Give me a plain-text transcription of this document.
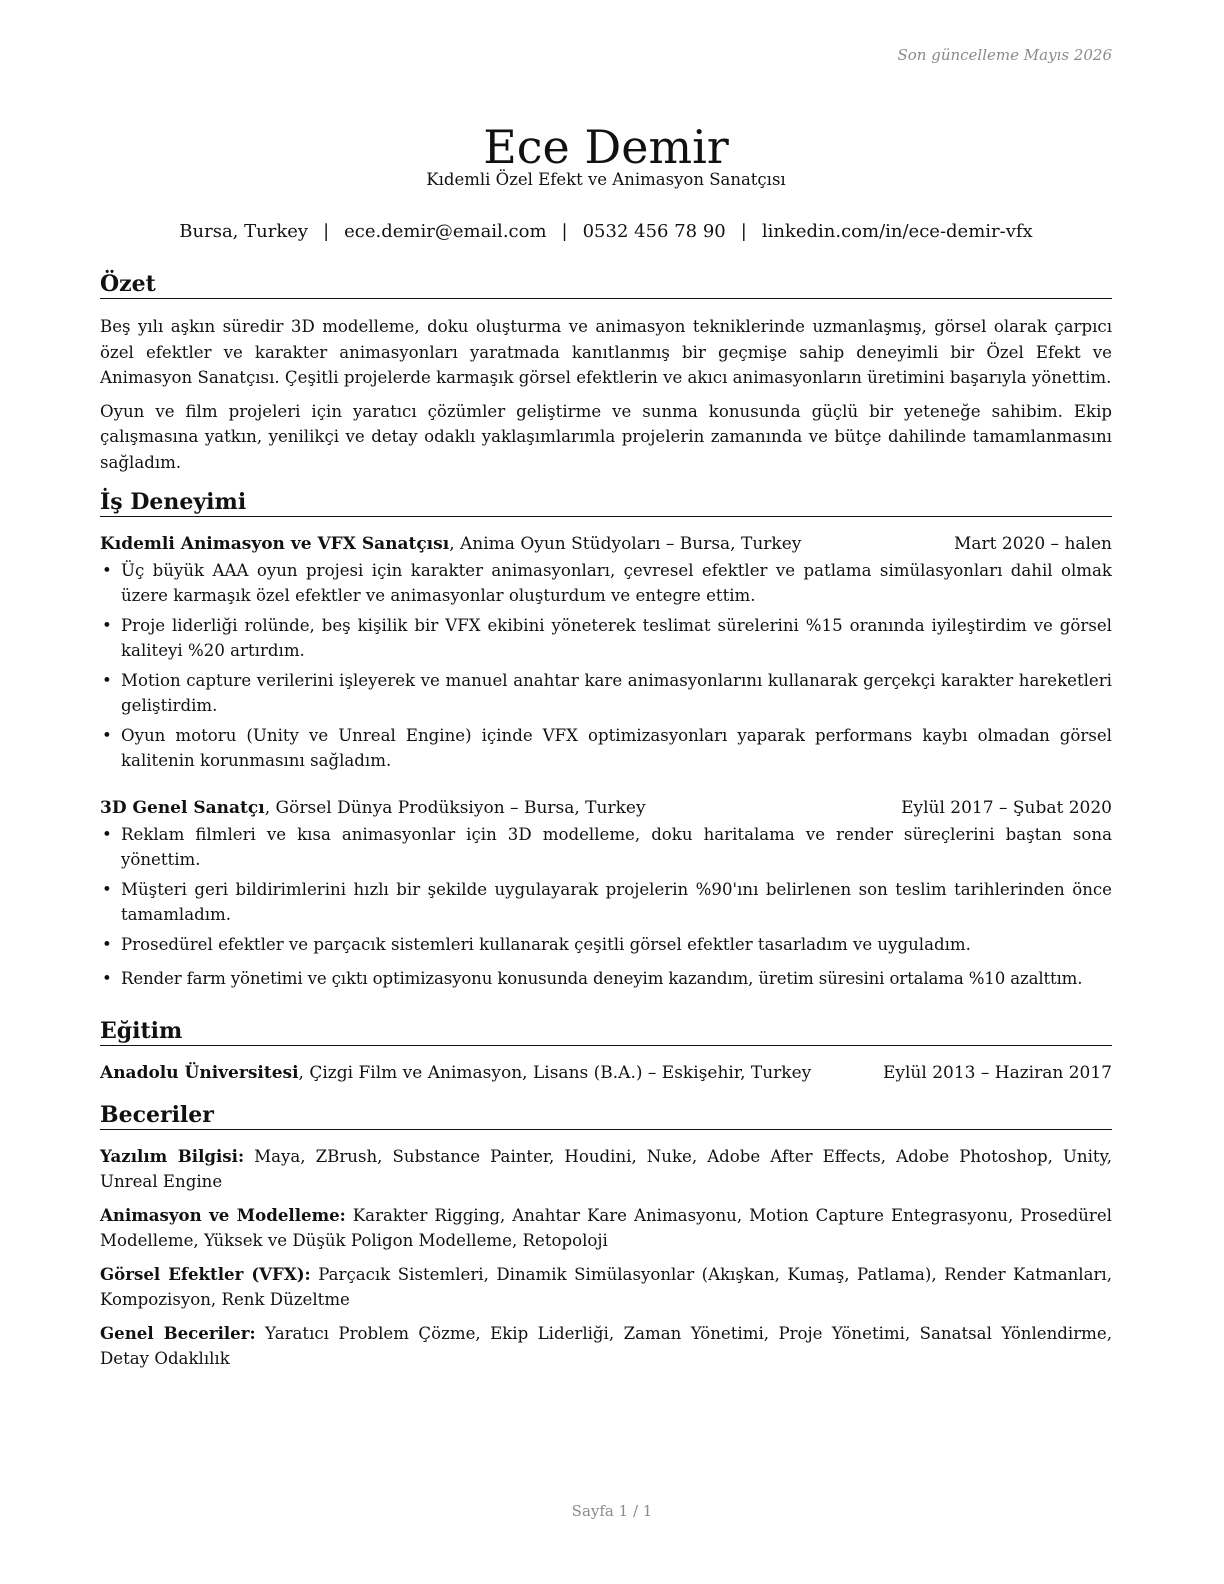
Son güncelleme Mayıs 2026
Ece Demir
Kıdemli Özel Efekt ve Animasyon Sanatçısı
Bursa, Turkey | ece.demir@email.com | 0532 456 78 90 | linkedin.com/in/ece-demir-vfx
Özet

Beş yılı aşkın süredir 3D modelleme, doku oluşturma ve animasyon tekniklerinde uzmanlaşmış, görsel olarak çarpıcı özel efektler ve karakter animasyonları yaratmada kanıtlanmış bir geçmişe sahip deneyimli bir Özel Efekt ve Animasyon Sanatçısı. Çeşitli projelerde karmaşık görsel efektlerin ve akıcı animasyonların üretimini başarıyla yönettim.

Oyun ve film projeleri için yaratıcı çözümler geliştirme ve sunma konusunda güçlü bir yeteneğe sahibim. Ekip çalışmasına yatkın, yenilikçi ve detay odaklı yaklaşımlarımla projelerin zamanında ve bütçe dahilinde tamamlanmasını sağladım.

İş Deneyimi
Kıdemli Animasyon ve VFX Sanatçısı, Anima Oyun Stüdyoları – Bursa, Turkey	Mart 2020 – halen
• Üç büyük AAA oyun projesi için karakter animasyonları, çevresel efektler ve patlama simülasyonları dahil olmak üzere karmaşık özel efektler ve animasyonlar oluşturdum ve entegre ettim.
• Proje liderliği rolünde, beş kişilik bir VFX ekibini yöneterek teslimat sürelerini %15 oranında iyileştirdim ve görsel kaliteyi %20 artırdım.
• Motion capture verilerini işleyerek ve manuel anahtar kare animasyonlarını kullanarak gerçekçi karakter hareketleri geliştirdim.
• Oyun motoru (Unity ve Unreal Engine) içinde VFX optimizasyonları yaparak performans kaybı olmadan görsel kalitenin korunmasını sağladım.
3D Genel Sanatçı, Görsel Dünya Prodüksiyon – Bursa, Turkey	Eylül 2017 – Şubat 2020
• Reklam filmleri ve kısa animasyonlar için 3D modelleme, doku haritalama ve render süreçlerini baştan sona yönettim.
• Müşteri geri bildirimlerini hızlı bir şekilde uygulayarak projelerin %90'ını belirlenen son teslim tarihlerinden önce tamamladım.
• Prosedürel efektler ve parçacık sistemleri kullanarak çeşitli görsel efektler tasarladım ve uyguladım.
• Render farm yönetimi ve çıktı optimizasyonu konusunda deneyim kazandım, üretim süresini ortalama %10 azalttım.
Eğitim
Anadolu Üniversitesi, Çizgi Film ve Animasyon, Lisans (B.A.) – Eskişehir, Turkey	Eylül 2013 – Haziran 2017
Beceriler

Yazılım Bilgisi: Maya, ZBrush, Substance Painter, Houdini, Nuke, Adobe After Effects, Adobe Photoshop, Unity, Unreal Engine

Animasyon ve Modelleme: Karakter Rigging, Anahtar Kare Animasyonu, Motion Capture Entegrasyonu, Prosedürel Modelleme, Yüksek ve Düşük Poligon Modelleme, Retopoloji

Görsel Efektler (VFX): Parçacık Sistemleri, Dinamik Simülasyonlar (Akışkan, Kumaş, Patlama), Render Katmanları, Kompozisyon, Renk Düzeltme

Genel Beceriler: Yaratıcı Problem Çözme, Ekip Liderliği, Zaman Yönetimi, Proje Yönetimi, Sanatsal Yönlendirme, Detay Odaklılık

Sayfa 1 / 1
